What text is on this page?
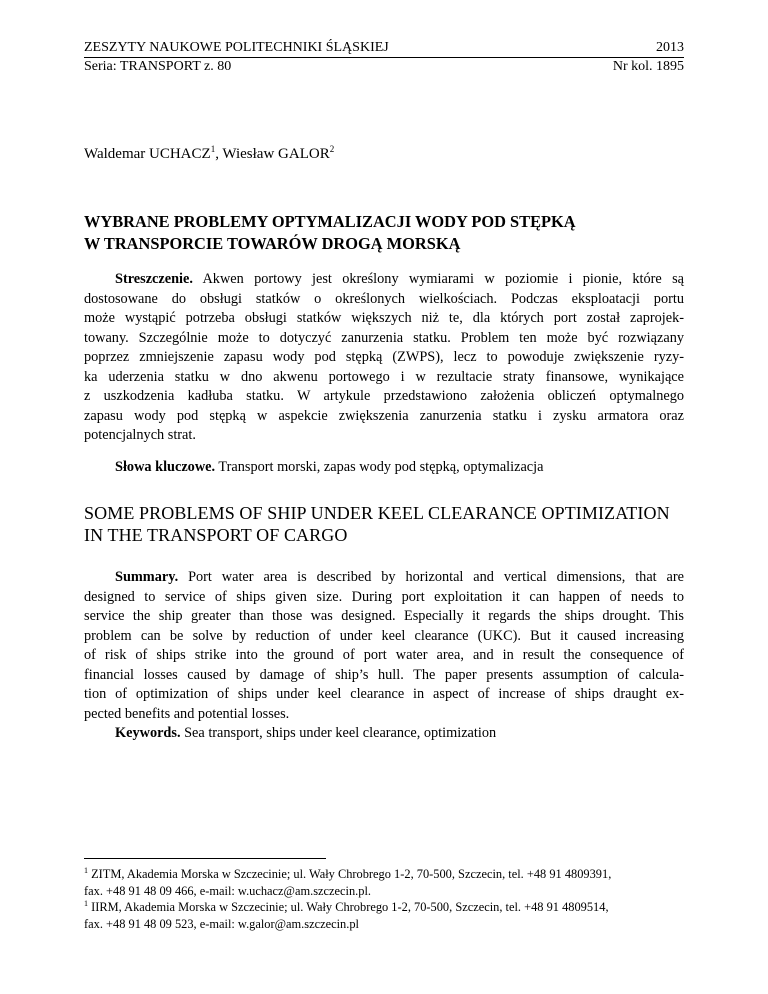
ZESZYTY NAUKOWE POLITECHNIKI ŚLĄSKIEJ	2013
Seria: TRANSPORT z. 80	Nr kol. 1895
Waldemar UCHACZ$^1$, Wiesław GALOR$^2$
WYBRANE PROBLEMY OPTYMALIZACJI WODY POD STĘPKĄ
W TRANSPORCIE TOWARÓW DROGĄ MORSKĄ
Streszczenie. Akwen portowy jest określony wymiarami w poziomie i pionie, które są
dostosowane do obsługi statków o określonych wielkościach. Podczas eksploatacji portu
może wystąpić potrzeba obsługi statków większych niż te, dla których port został zaprojek-
towany. Szczególnie może to dotyczyć zanurzenia statku. Problem ten może być rozwiązany
poprzez zmniejszenie zapasu wody pod stępką (ZWPS), lecz to powoduje zwiększenie ryzy-
ka uderzenia statku w dno akwenu portowego i w rezultacie straty finansowe, wynikające
z uszkodzenia kadłuba statku. W artykule przedstawiono założenia obliczeń optymalnego
zapasu wody pod stępką w aspekcie zwiększenia zanurzenia statku i zysku armatora oraz
potencjalnych strat.
Słowa kluczowe. Transport morski, zapas wody pod stępką, optymalizacja
SOME PROBLEMS OF SHIP UNDER KEEL CLEARANCE OPTIMIZATION
IN THE TRANSPORT OF CARGO
Summary. Port water area is described by horizontal and vertical dimensions, that are
designed to service of ships given size. During port exploitation it can happen of needs to
service the ship greater than those was designed. Especially it regards the ships drought. This
problem can be solve by reduction of under keel clearance (UKC). But it caused increasing
of risk of ships strike into the ground of port water area, and in result the consequence of
financial losses caused by damage of ship’s hull. The paper presents assumption of calcula-
tion of optimization of ships under keel clearance in aspect of increase of ships draught ex-
pected benefits and potential losses.
Keywords. Sea transport, ships under keel clearance, optimization
$^1$ ZITM, Akademia Morska w Szczecinie; ul. Wały Chrobrego 1-2, 70-500, Szczecin, tel. +48 91 4809391,
fax. +48 91 48 09 466, e-mail: w.uchacz@am.szczecin.pl.
$^1$ IIRM, Akademia Morska w Szczecinie; ul. Wały Chrobrego 1-2, 70-500, Szczecin, tel. +48 91 4809514,
fax. +48 91 48 09 523, e-mail: w.galor@am.szczecin.pl
